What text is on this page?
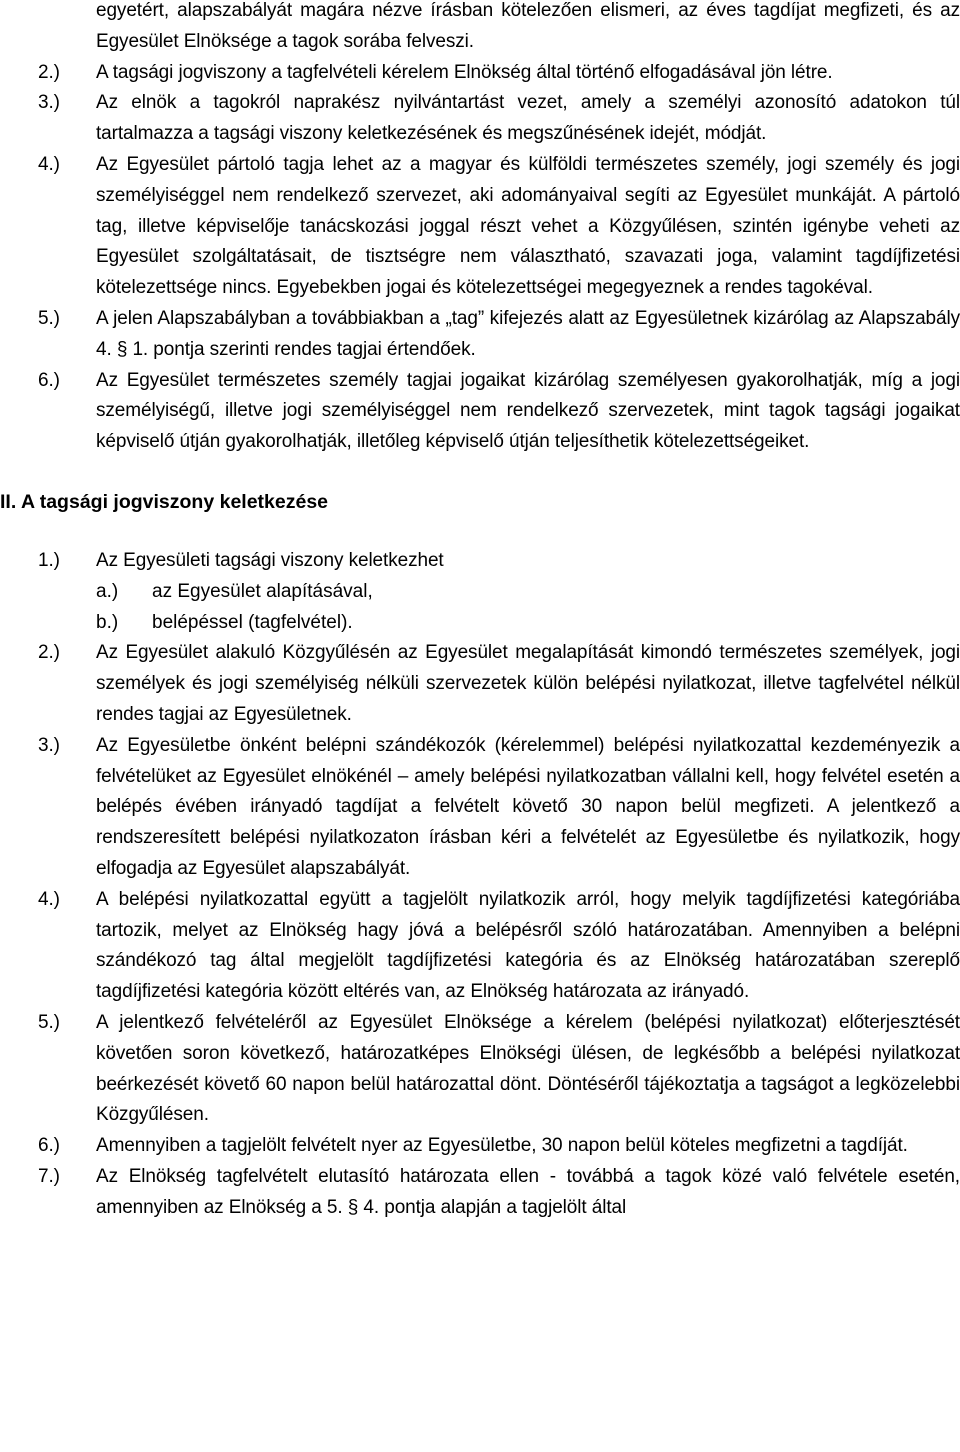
egyetért, alapszabályát magára nézve írásban kötelezően elismeri, az éves tagdíjat megfizeti, és az Egyesület Elnöksége a tagok sorába felveszi.
2.) A tagsági jogviszony a tagfelvételi kérelem Elnökség által történő elfogadásával jön létre.
3.) Az elnök a tagokról naprakész nyilvántartást vezet, amely a személyi azonosító adatokon túl tartalmazza a tagsági viszony keletkezésének és megszűnésének idejét, módját.
4.) Az Egyesület pártoló tagja lehet az a magyar és külföldi természetes személy, jogi személy és jogi személyiséggel nem rendelkező szervezet, aki adományaival segíti az Egyesület munkáját. A pártoló tag, illetve képviselője tanácskozási joggal részt vehet a Közgyűlésen, szintén igénybe veheti az Egyesület szolgáltatásait, de tisztségre nem választható, szavazati joga, valamint tagdíjfizetési kötelezettsége nincs. Egyebekben jogai és kötelezettségei megegyeznek a rendes tagokéval.
5.) A jelen Alapszabályban a továbbiakban a „tag” kifejezés alatt az Egyesületnek kizárólag az Alapszabály 4. § 1. pontja szerinti rendes tagjai értendőek.
6.) Az Egyesület természetes személy tagjai jogaikat kizárólag személyesen gyakorolhatják, míg a jogi személyiségű, illetve jogi személyiséggel nem rendelkező szervezetek, mint tagok tagsági jogaikat képviselő útján gyakorolhatják, illetőleg képviselő útján teljesíthetik kötelezettségeiket.
II. A tagsági jogviszony keletkezése
1.) Az Egyesületi tagsági viszony keletkezhet
a.) az Egyesület alapításával,
b.) belépéssel (tagfelvétel).
2.) Az Egyesület alakuló Közgyűlésén az Egyesület megalapítását kimondó természetes személyek, jogi személyek és jogi személyiség nélküli szervezetek külön belépési nyilatkozat, illetve tagfelvétel nélkül rendes tagjai az Egyesületnek.
3.) Az Egyesületbe önként belépni szándékozók (kérelemmel) belépési nyilatkozattal kezdeményezik a felvételüket az Egyesület elnökénél – amely belépési nyilatkozatban vállalni kell, hogy felvétel esetén a belépés évében irányadó tagdíjat a felvételt követő 30 napon belül megfizeti. A jelentkező a rendszeresített belépési nyilatkozaton írásban kéri a felvételét az Egyesületbe és nyilatkozik, hogy elfogadja az Egyesület alapszabályát.
4.) A belépési nyilatkozattal együtt a tagjelölt nyilatkozik arról, hogy melyik tagdíjfizetési kategóriába tartozik, melyet az Elnökség hagy jóvá a belépésről szóló határozatában. Amennyiben a belépni szándékozó tag által megjelölt tagdíjfizetési kategória és az Elnökség határozatában szereplő tagdíjfizetési kategória között eltérés van, az Elnökség határozata az irányadó.
5.) A jelentkező felvételéről az Egyesület Elnöksége a kérelem (belépési nyilatkozat) előterjesztését követően soron következő, határozatképes Elnökségi ülésen, de legkésőbb a belépési nyilatkozat beérkezését követő 60 napon belül határozattal dönt. Döntéséről tájékoztatja a tagságot a legközelebbi Közgyűlésen.
6.) Amennyiben a tagjelölt felvételt nyer az Egyesületbe, 30 napon belül köteles megfizetni a tagdíját.
7.) Az Elnökség tagfelvételt elutasító határozata ellen - továbbá a tagok közé való felvétele esetén, amennyiben az Elnökség a 5. § 4. pontja alapján a tagjelölt által
